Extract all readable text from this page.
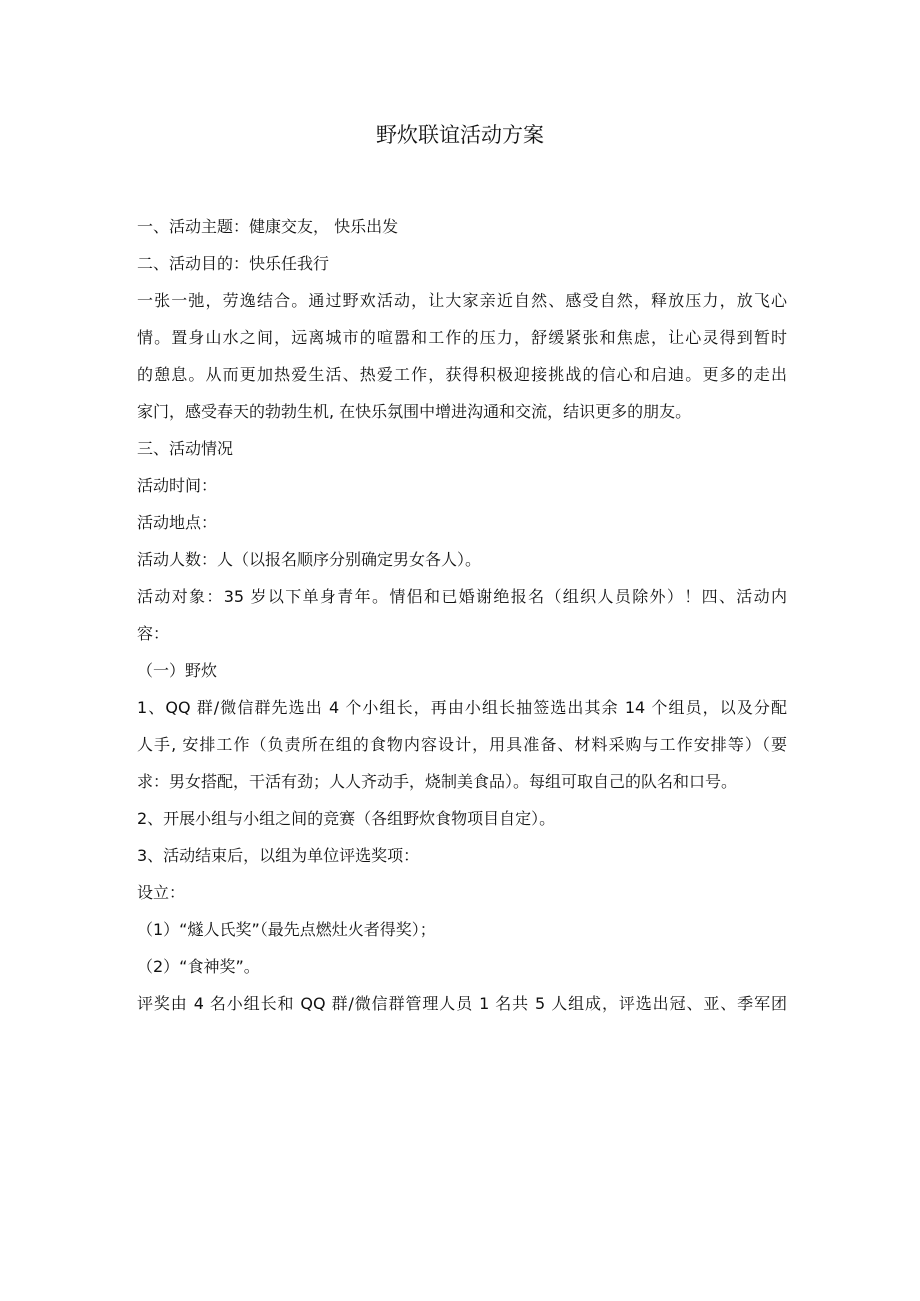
野炊联谊活动方案
一、活动主题：健康交友， 快乐出发
二、活动目的：快乐任我行
一张一弛，劳逸结合。通过野欢活动，让大家亲近自然、感受自然，释放压力，放飞心
情。置身山水之间，远离城市的喧嚣和工作的压力，舒缓紧张和焦虑，让心灵得到暂时
的憩息。从而更加热爱生活、热爱工作，获得积极迎接挑战的信心和启迪。更多的走出
家门，感受春天的勃勃生机, 在快乐氛围中增进沟通和交流，结识更多的朋友。
三、活动情况
活动时间：
活动地点：
活动人数：人（以报名顺序分别确定男女各人）。
活动对象：35 岁以下单身青年。情侣和已婚谢绝报名（组织人员除外）！四、活动内
容：
（一）野炊
1、QQ 群/微信群先选出 4 个小组长，再由小组长抽签选出其余 14 个组员，以及分配
人手, 安排工作（负责所在组的食物内容设计，用具准备、材料采购与工作安排等）（要
求：男女搭配，干活有劲；人人齐动手，烧制美食品）。每组可取自己的队名和口号。
2、开展小组与小组之间的竞赛（各组野炊食物项目自定）。
3、活动结束后，以组为单位评选奖项：
设立：
（1）“燧人氏奖”（最先点燃灶火者得奖）；
（2）“食神奖”。
评奖由 4 名小组长和 QQ 群/微信群管理人员 1 名共 5 人组成，评选出冠、亚、季军团
